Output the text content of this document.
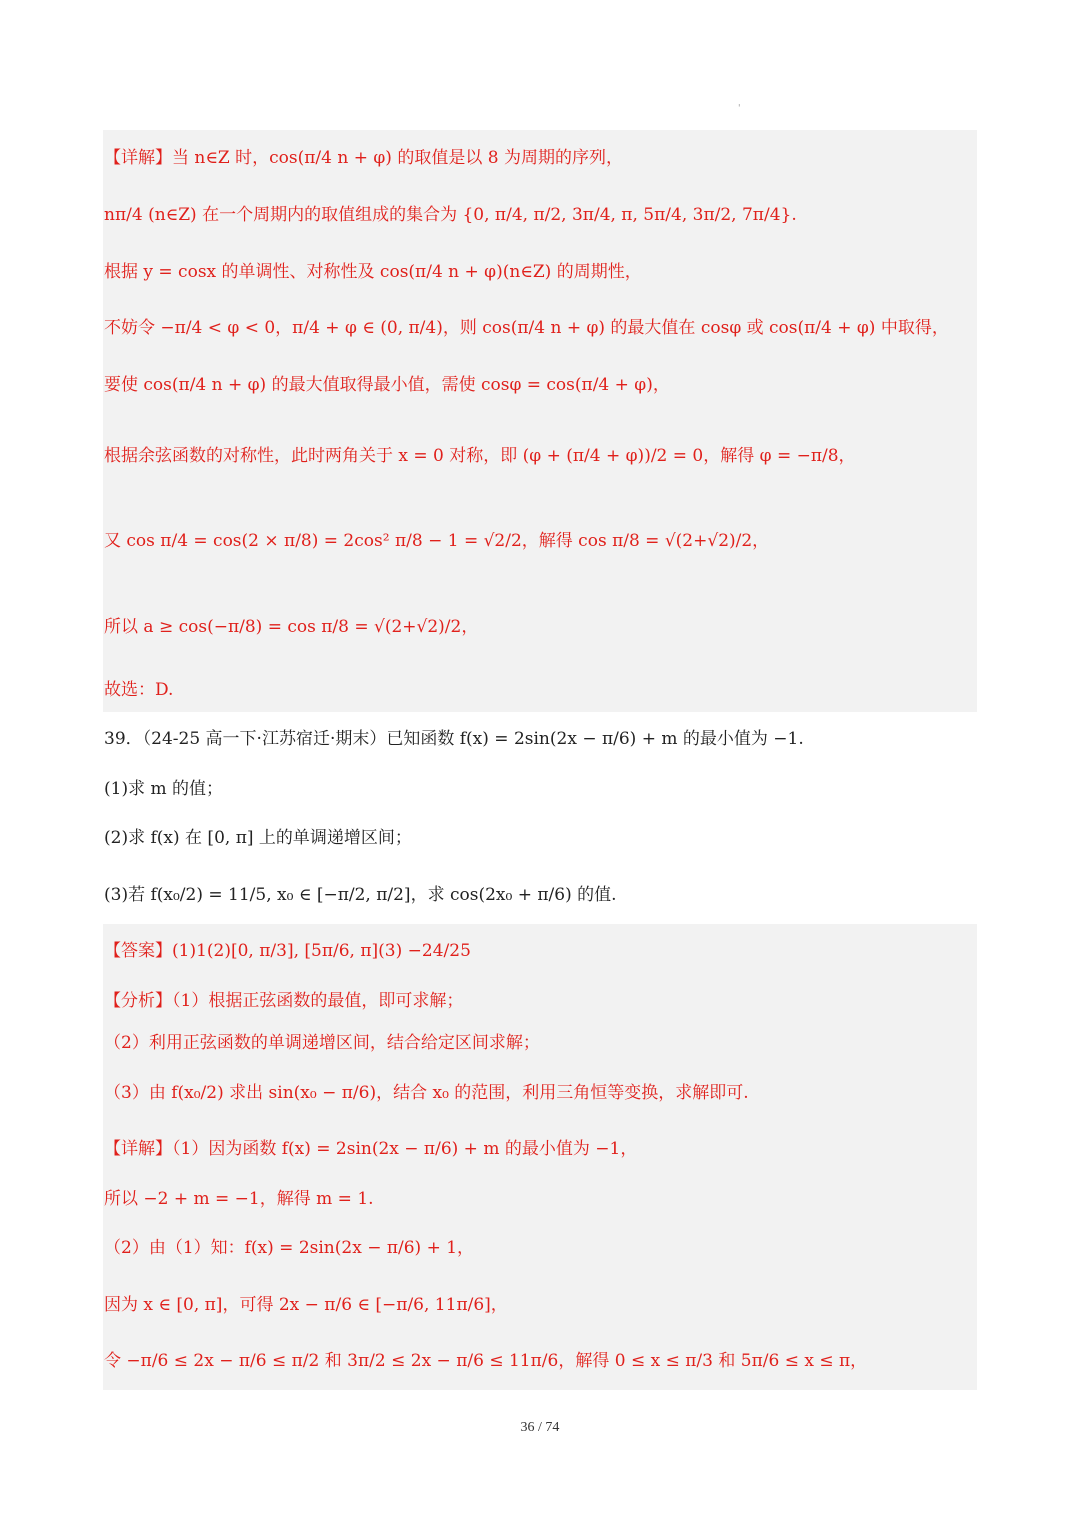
'
【详解】当 n∈Z 时，cos(π/4 n + φ) 的取值是以 8 为周期的序列，
nπ/4 (n∈Z) 在一个周期内的取值组成的集合为 {0, π/4, π/2, 3π/4, π, 5π/4, 3π/2, 7π/4}.
根据 y = cosx 的单调性、对称性及 cos(π/4 n + φ)(n∈Z) 的周期性，
不妨令 −π/4 < φ < 0，π/4 + φ ∈ (0, π/4)，则 cos(π/4 n + φ) 的最大值在 cosφ 或 cos(π/4 + φ) 中取得，
要使 cos(π/4 n + φ) 的最大值取得最小值，需使 cosφ = cos(π/4 + φ)，
根据余弦函数的对称性，此时两角关于 x = 0 对称，即 (φ + (π/4 + φ))/2 = 0，解得 φ = −π/8，
又 cos π/4 = cos(2 × π/8) = 2cos² π/8 − 1 = √2/2，解得 cos π/8 = √(2+√2)/2，
所以 a ≥ cos(−π/8) = cos π/8 = √(2+√2)/2，
故选：D.
39．（24-25 高一下·江苏宿迁·期末）已知函数 f(x) = 2sin(2x − π/6) + m 的最小值为 −1.
(1)求 m 的值；
(2)求 f(x) 在 [0, π] 上的单调递增区间；
(3)若 f(x₀/2) = 11/5, x₀ ∈ [−π/2, π/2]，求 cos(2x₀ + π/6) 的值.
【答案】(1)1(2)[0, π/3], [5π/6, π](3) −24/25
【分析】（1）根据正弦函数的最值，即可求解；
（2）利用正弦函数的单调递增区间，结合给定区间求解；
（3）由 f(x₀/2) 求出 sin(x₀ − π/6)，结合 x₀ 的范围，利用三角恒等变换，求解即可.
【详解】（1）因为函数 f(x) = 2sin(2x − π/6) + m 的最小值为 −1，
所以 −2 + m = −1，解得 m = 1.
（2）由（1）知：f(x) = 2sin(2x − π/6) + 1，
因为 x ∈ [0, π]，可得 2x − π/6 ∈ [−π/6, 11π/6]，
令 −π/6 ≤ 2x − π/6 ≤ π/2 和 3π/2 ≤ 2x − π/6 ≤ 11π/6，解得 0 ≤ x ≤ π/3 和 5π/6 ≤ x ≤ π，
36 / 74
